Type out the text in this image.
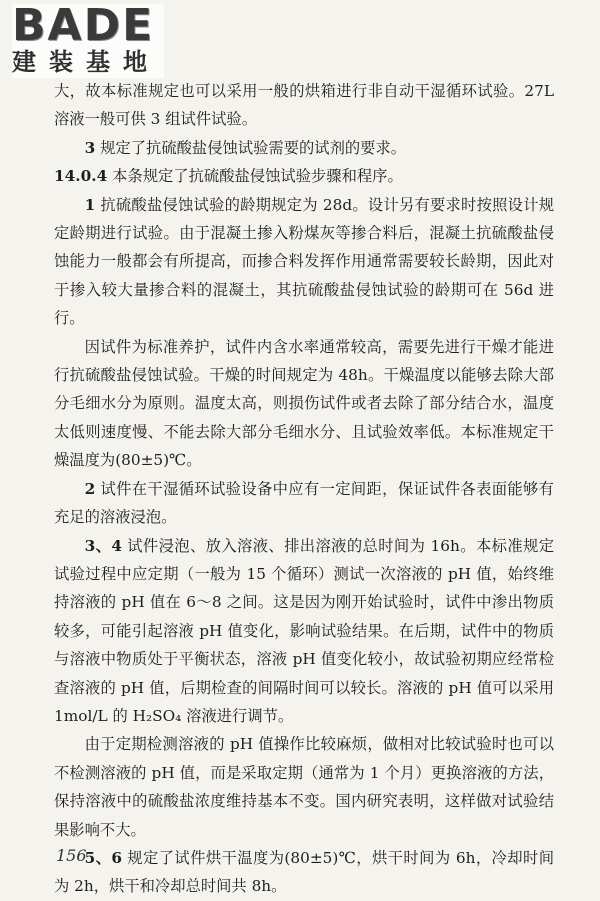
BADE
建装基地

大，故本标准规定也可以采用一般的烘箱进行非自动干湿循环试验。27L 溶液一般可供 3 组试件试验。

3 规定了抗硫酸盐侵蚀试验需要的试剂的要求。

14.0.4 本条规定了抗硫酸盐侵蚀试验步骤和程序。

1 抗硫酸盐侵蚀试验的龄期规定为 28d。设计另有要求时按照设计规定龄期进行试验。由于混凝土掺入粉煤灰等掺合料后，混凝土抗硫酸盐侵蚀能力一般都会有所提高，而掺合料发挥作用通常需要较长龄期，因此对于掺入较大量掺合料的混凝土，其抗硫酸盐侵蚀试验的龄期可在 56d 进行。

因试件为标准养护，试件内含水率通常较高，需要先进行干燥才能进行抗硫酸盐侵蚀试验。干燥的时间规定为 48h。干燥温度以能够去除大部分毛细水分为原则。温度太高，则损伤试件或者去除了部分结合水，温度太低则速度慢、不能去除大部分毛细水分、且试验效率低。本标准规定干燥温度为(80±5)℃。

2 试件在干湿循环试验设备中应有一定间距，保证试件各表面能够有充足的溶液浸泡。

3、4 试件浸泡、放入溶液、排出溶液的总时间为 16h。本标准规定试验过程中应定期（一般为 15 个循环）测试一次溶液的 pH 值，始终维持溶液的 pH 值在 6～8 之间。这是因为刚开始试验时，试件中渗出物质较多，可能引起溶液 pH 值变化，影响试验结果。在后期，试件中的物质与溶液中物质处于平衡状态，溶液 pH 值变化较小，故试验初期应经常检查溶液的 pH 值，后期检查的间隔时间可以较长。溶液的 pH 值可以采用 1mol/L 的 H₂SO₄ 溶液进行调节。

由于定期检测溶液的 pH 值操作比较麻烦，做相对比较试验时也可以不检测溶液的 pH 值，而是采取定期（通常为 1 个月）更换溶液的方法，保持溶液中的硫酸盐浓度维持基本不变。国内研究表明，这样做对试验结果影响不大。

5、6 规定了试件烘干温度为(80±5)℃，烘干时间为 6h，冷却时间为 2h，烘干和冷却总时间共 8h。

156
